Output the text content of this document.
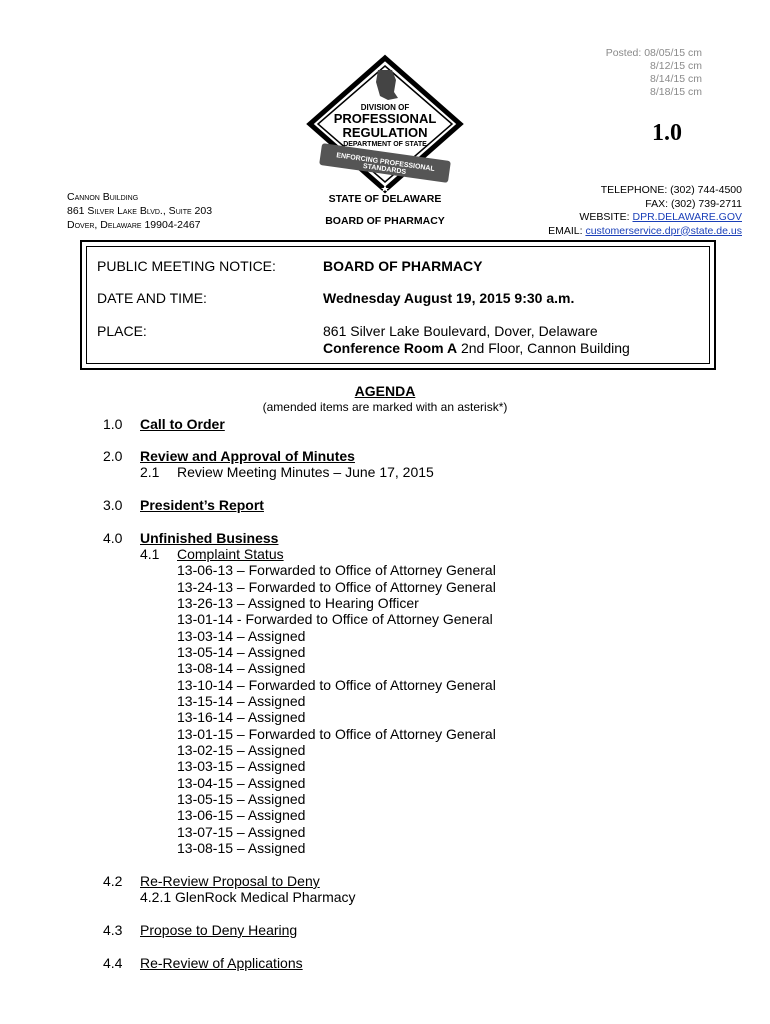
Posted: 08/05/15 cm
8/12/15 cm
8/14/15 cm
8/18/15 cm
DIVISION OF
PROFESSIONAL
REGULATION
DEPARTMENT OF STATE
ENFORCING PROFESSIONAL STANDARDS
STATE OF DELAWARE
BOARD OF PHARMACY
1.0
Cannon Building
861 Silver Lake Blvd., Suite 203
Dover, Delaware 19904-2467
TELEPHONE: (302) 744-4500
FAX: (302) 739-2711
WEBSITE: DPR.DELAWARE.GOV
EMAIL: customerservice.dpr@state.de.us
PUBLIC MEETING NOTICE:	BOARD OF PHARMACY
DATE AND TIME:	Wednesday August 19, 2015 9:30 a.m.
PLACE:	861 Silver Lake Boulevard, Dover, Delaware
Conference Room A 2nd Floor, Cannon Building
AGENDA
(amended items are marked with an asterisk*)
1.0 Call to Order
2.0 Review and Approval of Minutes
2.1 Review Meeting Minutes – June 17, 2015
3.0 President’s Report
4.0 Unfinished Business
4.1 Complaint Status
13-06-13 – Forwarded to Office of Attorney General
13-24-13 – Forwarded to Office of Attorney General
13-26-13 – Assigned to Hearing Officer
13-01-14 - Forwarded to Office of Attorney General
13-03-14 – Assigned
13-05-14 – Assigned
13-08-14 – Assigned
13-10-14 – Forwarded to Office of Attorney General
13-15-14 – Assigned
13-16-14 – Assigned
13-01-15 – Forwarded to Office of Attorney General
13-02-15 – Assigned
13-03-15 – Assigned
13-04-15 – Assigned
13-05-15 – Assigned
13-06-15 – Assigned
13-07-15 – Assigned
13-08-15 – Assigned
4.2 Re-Review Proposal to Deny
4.2.1 GlenRock Medical Pharmacy
4.3 Propose to Deny Hearing
4.4 Re-Review of Applications
